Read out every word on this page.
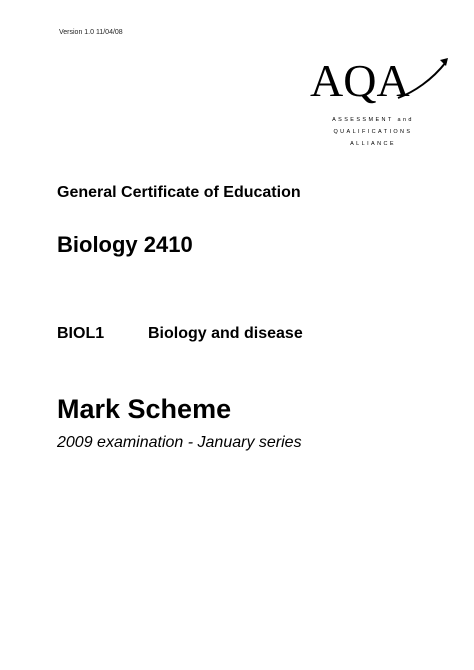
Version 1.0 11/04/08
AQA
ASSESSMENT and
QUALIFICATIONS
ALLIANCE
General Certificate of Education
Biology 2410
BIOL1	Biology and disease
Mark Scheme
2009 examination - January series
